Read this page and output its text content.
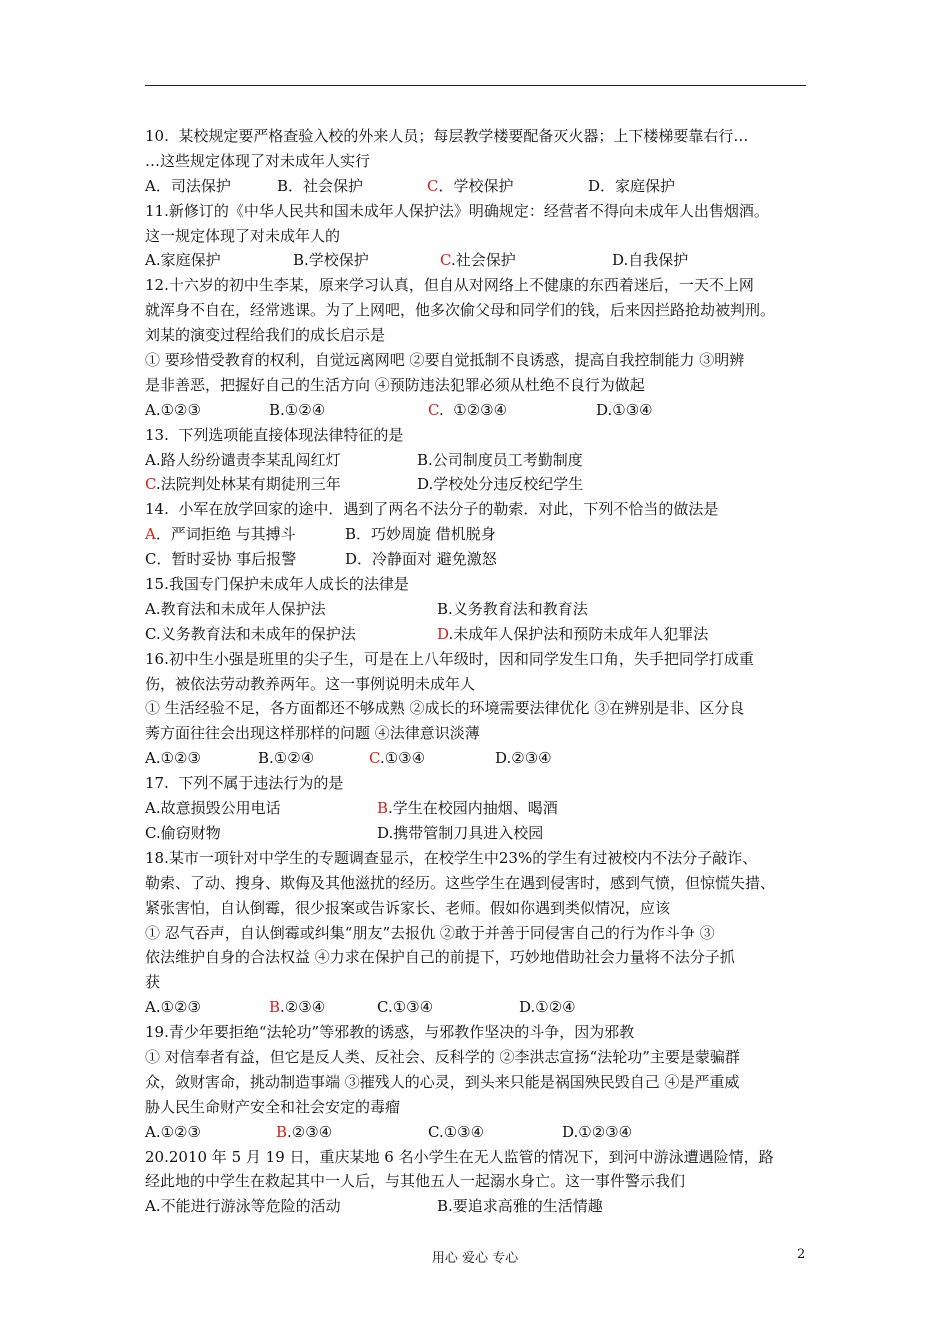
10.  某校规定要严格查验入校的外来人员；每层教学楼要配备灭火器；上下楼梯要靠右行…
…这些规定体现了对未成年人实行
A．司法保护	B．社会保护	C．学校保护	D．家庭保护
11.新修订的《中华人民共和国未成年人保护法》明确规定：经营者不得向未成年人出售烟酒。
这一规定体现了对未成年人的
A.家庭保护	B.学校保护	C.社会保护	D.自我保护
12.十六岁的初中生李某，原来学习认真，但自从对网络上不健康的东西着迷后，一天不上网
就浑身不自在，经常逃课。为了上网吧，他多次偷父母和同学们的钱，后来因拦路抢劫被判刑。
刘某的演变过程给我们的成长启示是
① 要珍惜受教育的权利，自觉远离网吧 ②要自觉抵制不良诱惑，提高自我控制能力 ③明辨
是非善恶，把握好自己的生活方向 ④预防违法犯罪必须从杜绝不良行为做起
A.①②③	B.①②④	C.  ①②③④	D.①③④
13.  下列选项能直接体现法律特征的是
A.路人纷纷谴责李某乱闯红灯	B.公司制度员工考勤制度
C.法院判处林某有期徒刑三年	D.学校处分违反校纪学生
14.  小军在放学回家的途中．遇到了两名不法分子的勒索．对此，下列不恰当的做法是
A．严词拒绝 与其搏斗	B．巧妙周旋 借机脱身
C．暂时妥协 事后报警	D．冷静面对 避免激怒
15.我国专门保护未成年人成长的法律是
A.教育法和未成年人保护法	B.义务教育法和教育法
C.义务教育法和未成年的保护法	D.未成年人保护法和预防未成年人犯罪法
16.初中生小强是班里的尖子生，可是在上八年级时，因和同学发生口角，失手把同学打成重
伤，被依法劳动教养两年。这一事例说明未成年人
① 生活经验不足，各方面都还不够成熟 ②成长的环境需要法律优化 ③在辨别是非、区分良
莠方面往往会出现这样那样的问题 ④法律意识淡薄
A.①②③	B.①②④	C.①③④	D.②③④
17.  下列不属于违法行为的是
A.故意损毁公用电话	B.学生在校园内抽烟、喝酒
C.偷窃财物	D.携带管制刀具进入校园
18.某市一项针对中学生的专题调查显示，在校学生中23%的学生有过被校内不法分子敲诈、
勒索、了动、搜身、欺侮及其他滋扰的经历。这些学生在遇到侵害时，感到气愤，但惊慌失措、
紧张害怕，自认倒霉，很少报案或告诉家长、老师。假如你遇到类似情况，应该
① 忍气吞声，自认倒霉或纠集“朋友”去报仇 ②敢于并善于同侵害自己的行为作斗争 ③
依法维护自身的合法权益 ④力求在保护自己的前提下，巧妙地借助社会力量将不法分子抓
获
A.①②③	B.②③④	C.①③④	D.①②④
19.青少年要拒绝“法轮功”等邪教的诱惑，与邪教作坚决的斗争，因为邪教
① 对信奉者有益，但它是反人类、反社会、反科学的 ②李洪志宣扬“法轮功”主要是蒙骗群
众，敛财害命，挑动制造事端 ③摧残人的心灵，到头来只能是祸国殃民毁自己 ④是严重威
胁人民生命财产安全和社会安定的毒瘤
A.①②③	B.②③④	C.①③④	D.①②③④
20.2010 年 5 月 19 日，重庆某地 6 名小学生在无人监管的情况下，到河中游泳遭遇险情，路
经此地的中学生在救起其中一人后，与其他五人一起溺水身亡。这一事件警示我们
A.不能进行游泳等危险的活动	B.要追求高雅的生活情趣
用心 爱心 专心	2
